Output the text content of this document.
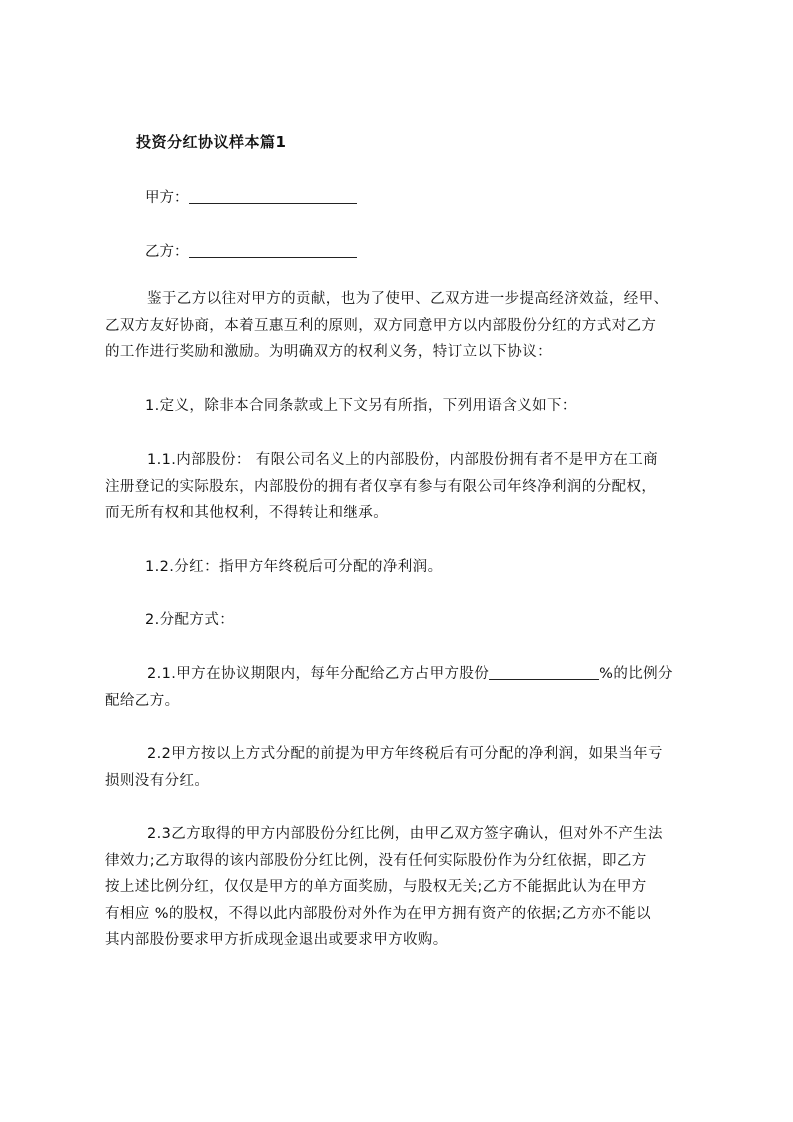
投资分红协议样本篇1
甲方：
乙方：

鉴于乙方以往对甲方的贡献，也为了使甲、乙双方进一步提高经济效益，经甲、

乙双方友好协商，本着互惠互利的原则，双方同意甲方以内部股份分红的方式对乙方

的工作进行奖励和激励。为明确双方的权利义务，特订立以下协议：

1.定义，除非本合同条款或上下文另有所指，下列用语含义如下：

1.1.内部股份： 有限公司名义上的内部股份，内部股份拥有者不是甲方在工商

注册登记的实际股东，内部股份的拥有者仅享有参与有限公司年终净利润的分配权，

而无所有权和其他权利，不得转让和继承。

1.2.分红：指甲方年终税后可分配的净利润。

2.分配方式：

2.1.甲方在协议期限内，每年分配给乙方占甲方股份	%的比例分

配给乙方。

2.2甲方按以上方式分配的前提为甲方年终税后有可分配的净利润，如果当年亏

损则没有分红。

2.3乙方取得的甲方内部股份分红比例，由甲乙双方签字确认，但对外不产生法

律效力;乙方取得的该内部股份分红比例，没有任何实际股份作为分红依据，即乙方

按上述比例分红，仅仅是甲方的单方面奖励，与股权无关;乙方不能据此认为在甲方

有相应 %的股权，不得以此内部股份对外作为在甲方拥有资产的依据;乙方亦不能以

其内部股份要求甲方折成现金退出或要求甲方收购。
